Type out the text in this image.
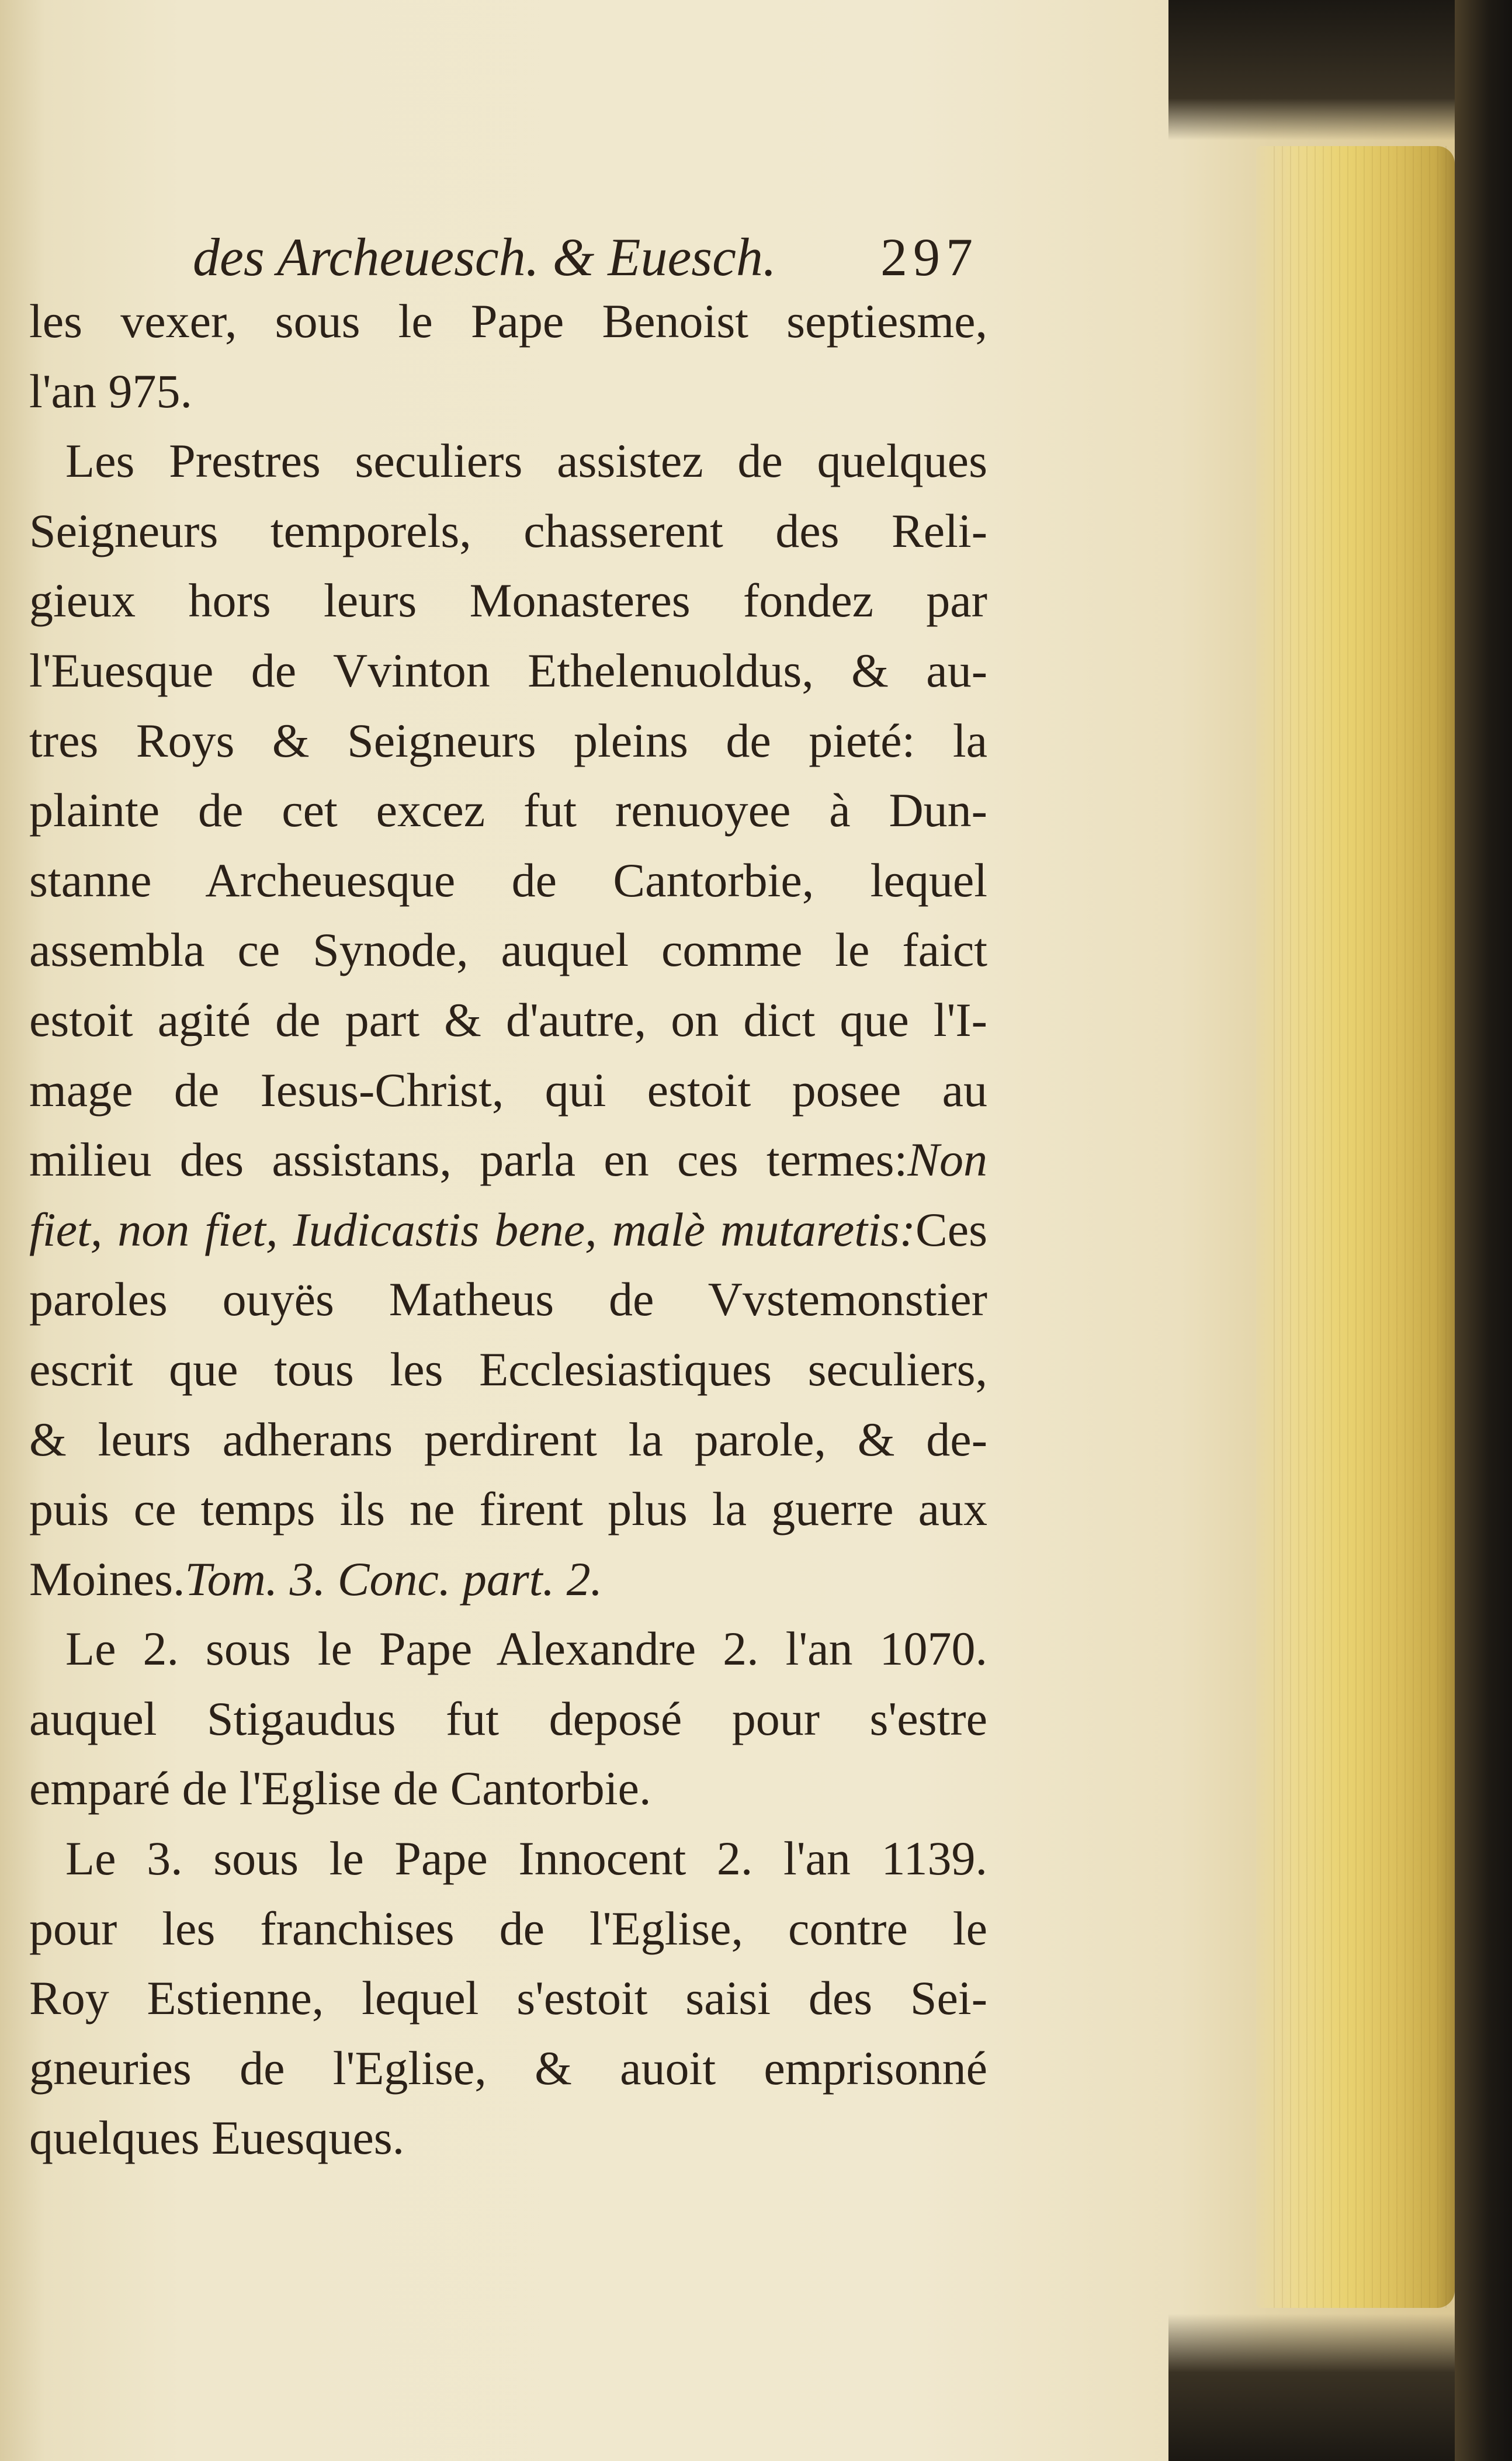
des Archeuesch. & Euesch.	297
les vexer, sous le Pape Benoist septiesme,
l'an 975.
Les Prestres seculiers assistez de quelques
Seigneurs temporels, chasserent des Reli-
gieux hors leurs Monasteres fondez par
l'Euesque de Vvinton Ethelenuoldus, & au-
tres Roys & Seigneurs pleins de pieté: la
plainte de cet excez fut renuoyee à Dun-
stanne Archeuesque de Cantorbie, lequel
assembla ce Synode, auquel comme le faict
estoit agité de part & d'autre, on dict que l'I-
mage de Iesus-Christ, qui estoit posee au
milieu des assistans, parla en ces termes:Non
fiet, non fiet, Iudicastis bene, malè mutaretis:Ces
paroles ouyës Matheus de Vvstemonstier
escrit que tous les Ecclesiastiques seculiers,
& leurs adherans perdirent la parole, & de-
puis ce temps ils ne firent plus la guerre aux
Moines.Tom. 3. Conc. part. 2.
Le 2. sous le Pape Alexandre 2. l'an 1070.
auquel Stigaudus fut deposé pour s'estre
emparé de l'Eglise de Cantorbie.
Le 3. sous le Pape Innocent 2. l'an 1139.
pour les franchises de l'Eglise, contre le
Roy Estienne, lequel s'estoit saisi des Sei-
gneuries de l'Eglise, & auoit emprisonné
quelques Euesques.
